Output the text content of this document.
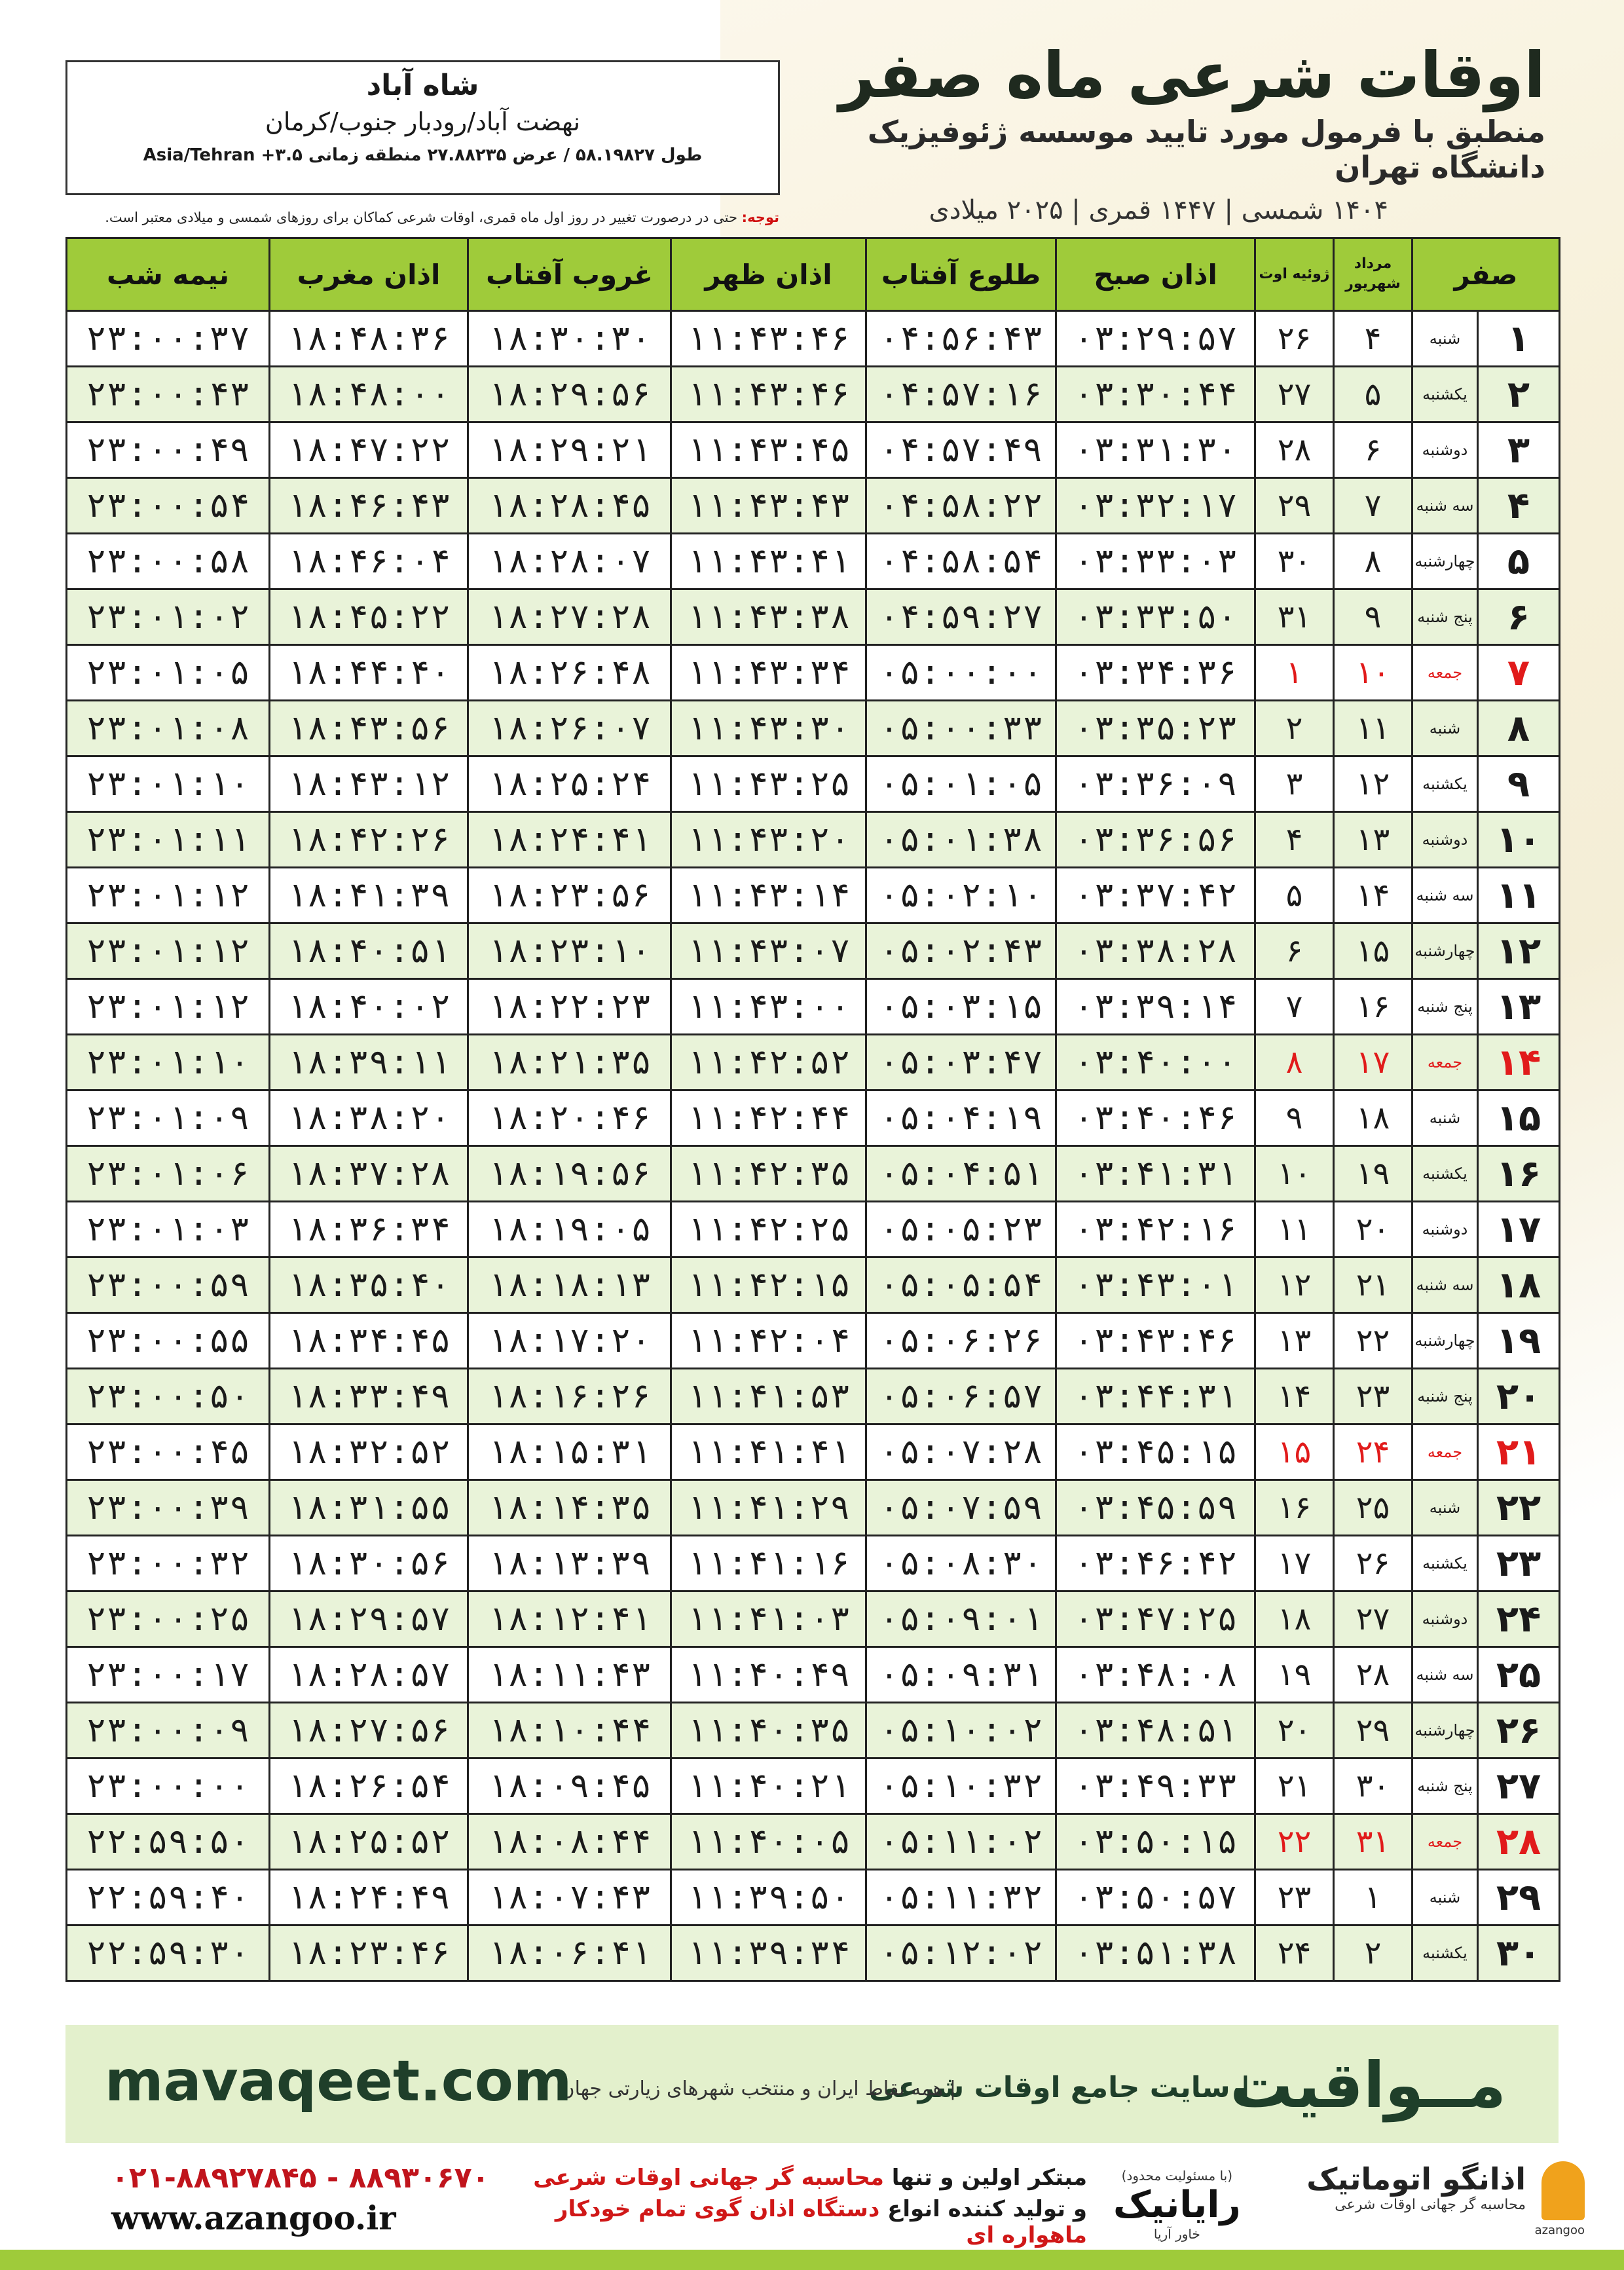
اوقات شرعی ماه صفر
منطبق با فرمول مورد تایید موسسه ژئوفیزیک دانشگاه تهران
۱۴۰۴ شمسی | ۱۴۴۷ قمری | ۲۰۲۵ میلادی
شاه آباد
نهضت آباد/رودبار جنوب/کرمان
طول ۵۸.۱۹۸۲۷ / عرض ۲۷.۸۸۲۳۵ منطقه زمانی ۳.۵+ Asia/Tehran
توجه: حتی در درصورت تغییر در روز اول ماه قمری، اوقات شرعی کماکان برای روزهای شمسی و میلادی معتبر است.
صفر		مرداد شهریور	ژوئیه اوت	اذان صبح	طلوع آفتاب	اذان ظهر	غروب آفتاب	اذان مغرب	نیمه شب
۱	شنبه	۴	۲۶	۰۳:۲۹:۵۷	۰۴:۵۶:۴۳	۱۱:۴۳:۴۶	۱۸:۳۰:۳۰	۱۸:۴۸:۳۶	۲۳:۰۰:۳۷
۲	یکشنبه	۵	۲۷	۰۳:۳۰:۴۴	۰۴:۵۷:۱۶	۱۱:۴۳:۴۶	۱۸:۲۹:۵۶	۱۸:۴۸:۰۰	۲۳:۰۰:۴۳
۳	دوشنبه	۶	۲۸	۰۳:۳۱:۳۰	۰۴:۵۷:۴۹	۱۱:۴۳:۴۵	۱۸:۲۹:۲۱	۱۸:۴۷:۲۲	۲۳:۰۰:۴۹
۴	سه شنبه	۷	۲۹	۰۳:۳۲:۱۷	۰۴:۵۸:۲۲	۱۱:۴۳:۴۳	۱۸:۲۸:۴۵	۱۸:۴۶:۴۳	۲۳:۰۰:۵۴
۵	چهارشنبه	۸	۳۰	۰۳:۳۳:۰۳	۰۴:۵۸:۵۴	۱۱:۴۳:۴۱	۱۸:۲۸:۰۷	۱۸:۴۶:۰۴	۲۳:۰۰:۵۸
۶	پنج شنبه	۹	۳۱	۰۳:۳۳:۵۰	۰۴:۵۹:۲۷	۱۱:۴۳:۳۸	۱۸:۲۷:۲۸	۱۸:۴۵:۲۲	۲۳:۰۱:۰۲
۷	جمعه	۱۰	۱	۰۳:۳۴:۳۶	۰۵:۰۰:۰۰	۱۱:۴۳:۳۴	۱۸:۲۶:۴۸	۱۸:۴۴:۴۰	۲۳:۰۱:۰۵
۸	شنبه	۱۱	۲	۰۳:۳۵:۲۳	۰۵:۰۰:۳۳	۱۱:۴۳:۳۰	۱۸:۲۶:۰۷	۱۸:۴۳:۵۶	۲۳:۰۱:۰۸
۹	یکشنبه	۱۲	۳	۰۳:۳۶:۰۹	۰۵:۰۱:۰۵	۱۱:۴۳:۲۵	۱۸:۲۵:۲۴	۱۸:۴۳:۱۲	۲۳:۰۱:۱۰
۱۰	دوشنبه	۱۳	۴	۰۳:۳۶:۵۶	۰۵:۰۱:۳۸	۱۱:۴۳:۲۰	۱۸:۲۴:۴۱	۱۸:۴۲:۲۶	۲۳:۰۱:۱۱
۱۱	سه شنبه	۱۴	۵	۰۳:۳۷:۴۲	۰۵:۰۲:۱۰	۱۱:۴۳:۱۴	۱۸:۲۳:۵۶	۱۸:۴۱:۳۹	۲۳:۰۱:۱۲
۱۲	چهارشنبه	۱۵	۶	۰۳:۳۸:۲۸	۰۵:۰۲:۴۳	۱۱:۴۳:۰۷	۱۸:۲۳:۱۰	۱۸:۴۰:۵۱	۲۳:۰۱:۱۲
۱۳	پنج شنبه	۱۶	۷	۰۳:۳۹:۱۴	۰۵:۰۳:۱۵	۱۱:۴۳:۰۰	۱۸:۲۲:۲۳	۱۸:۴۰:۰۲	۲۳:۰۱:۱۲
۱۴	جمعه	۱۷	۸	۰۳:۴۰:۰۰	۰۵:۰۳:۴۷	۱۱:۴۲:۵۲	۱۸:۲۱:۳۵	۱۸:۳۹:۱۱	۲۳:۰۱:۱۰
۱۵	شنبه	۱۸	۹	۰۳:۴۰:۴۶	۰۵:۰۴:۱۹	۱۱:۴۲:۴۴	۱۸:۲۰:۴۶	۱۸:۳۸:۲۰	۲۳:۰۱:۰۹
۱۶	یکشنبه	۱۹	۱۰	۰۳:۴۱:۳۱	۰۵:۰۴:۵۱	۱۱:۴۲:۳۵	۱۸:۱۹:۵۶	۱۸:۳۷:۲۸	۲۳:۰۱:۰۶
۱۷	دوشنبه	۲۰	۱۱	۰۳:۴۲:۱۶	۰۵:۰۵:۲۳	۱۱:۴۲:۲۵	۱۸:۱۹:۰۵	۱۸:۳۶:۳۴	۲۳:۰۱:۰۳
۱۸	سه شنبه	۲۱	۱۲	۰۳:۴۳:۰۱	۰۵:۰۵:۵۴	۱۱:۴۲:۱۵	۱۸:۱۸:۱۳	۱۸:۳۵:۴۰	۲۳:۰۰:۵۹
۱۹	چهارشنبه	۲۲	۱۳	۰۳:۴۳:۴۶	۰۵:۰۶:۲۶	۱۱:۴۲:۰۴	۱۸:۱۷:۲۰	۱۸:۳۴:۴۵	۲۳:۰۰:۵۵
۲۰	پنج شنبه	۲۳	۱۴	۰۳:۴۴:۳۱	۰۵:۰۶:۵۷	۱۱:۴۱:۵۳	۱۸:۱۶:۲۶	۱۸:۳۳:۴۹	۲۳:۰۰:۵۰
۲۱	جمعه	۲۴	۱۵	۰۳:۴۵:۱۵	۰۵:۰۷:۲۸	۱۱:۴۱:۴۱	۱۸:۱۵:۳۱	۱۸:۳۲:۵۲	۲۳:۰۰:۴۵
۲۲	شنبه	۲۵	۱۶	۰۳:۴۵:۵۹	۰۵:۰۷:۵۹	۱۱:۴۱:۲۹	۱۸:۱۴:۳۵	۱۸:۳۱:۵۵	۲۳:۰۰:۳۹
۲۳	یکشنبه	۲۶	۱۷	۰۳:۴۶:۴۲	۰۵:۰۸:۳۰	۱۱:۴۱:۱۶	۱۸:۱۳:۳۹	۱۸:۳۰:۵۶	۲۳:۰۰:۳۲
۲۴	دوشنبه	۲۷	۱۸	۰۳:۴۷:۲۵	۰۵:۰۹:۰۱	۱۱:۴۱:۰۳	۱۸:۱۲:۴۱	۱۸:۲۹:۵۷	۲۳:۰۰:۲۵
۲۵	سه شنبه	۲۸	۱۹	۰۳:۴۸:۰۸	۰۵:۰۹:۳۱	۱۱:۴۰:۴۹	۱۸:۱۱:۴۳	۱۸:۲۸:۵۷	۲۳:۰۰:۱۷
۲۶	چهارشنبه	۲۹	۲۰	۰۳:۴۸:۵۱	۰۵:۱۰:۰۲	۱۱:۴۰:۳۵	۱۸:۱۰:۴۴	۱۸:۲۷:۵۶	۲۳:۰۰:۰۹
۲۷	پنج شنبه	۳۰	۲۱	۰۳:۴۹:۳۳	۰۵:۱۰:۳۲	۱۱:۴۰:۲۱	۱۸:۰۹:۴۵	۱۸:۲۶:۵۴	۲۳:۰۰:۰۰
۲۸	جمعه	۳۱	۲۲	۰۳:۵۰:۱۵	۰۵:۱۱:۰۲	۱۱:۴۰:۰۵	۱۸:۰۸:۴۴	۱۸:۲۵:۵۲	۲۲:۵۹:۵۰
۲۹	شنبه	۱	۲۳	۰۳:۵۰:۵۷	۰۵:۱۱:۳۲	۱۱:۳۹:۵۰	۱۸:۰۷:۴۳	۱۸:۲۴:۴۹	۲۲:۵۹:۴۰
۳۰	یکشنبه	۲	۲۴	۰۳:۵۱:۳۸	۰۵:۱۲:۰۲	۱۱:۳۹:۳۴	۱۸:۰۶:۴۱	۱۸:۲۳:۴۶	۲۲:۵۹:۳۰
مــواقیت
| سایت جامع اوقات شرعی
| همه نقاط ایران و منتخب شهرهای زیارتی جهان
mavaqeet.com
۰۲۱-۸۸۹۲۷۸۴۵ - ۸۸۹۳۰۶۷۰
www.azangoo.ir
مبتکر اولین و تنها محاسبه گر جهانی اوقات شرعی
و تولید کننده انواع دستگاه اذان گوی تمام خودکار ماهواره ای
(با مسئولیت محدود)
رایانیک
خاور آریا
اذانگو اتوماتیک
محاسبه گر جهانی اوقات شرعی
azangoo
